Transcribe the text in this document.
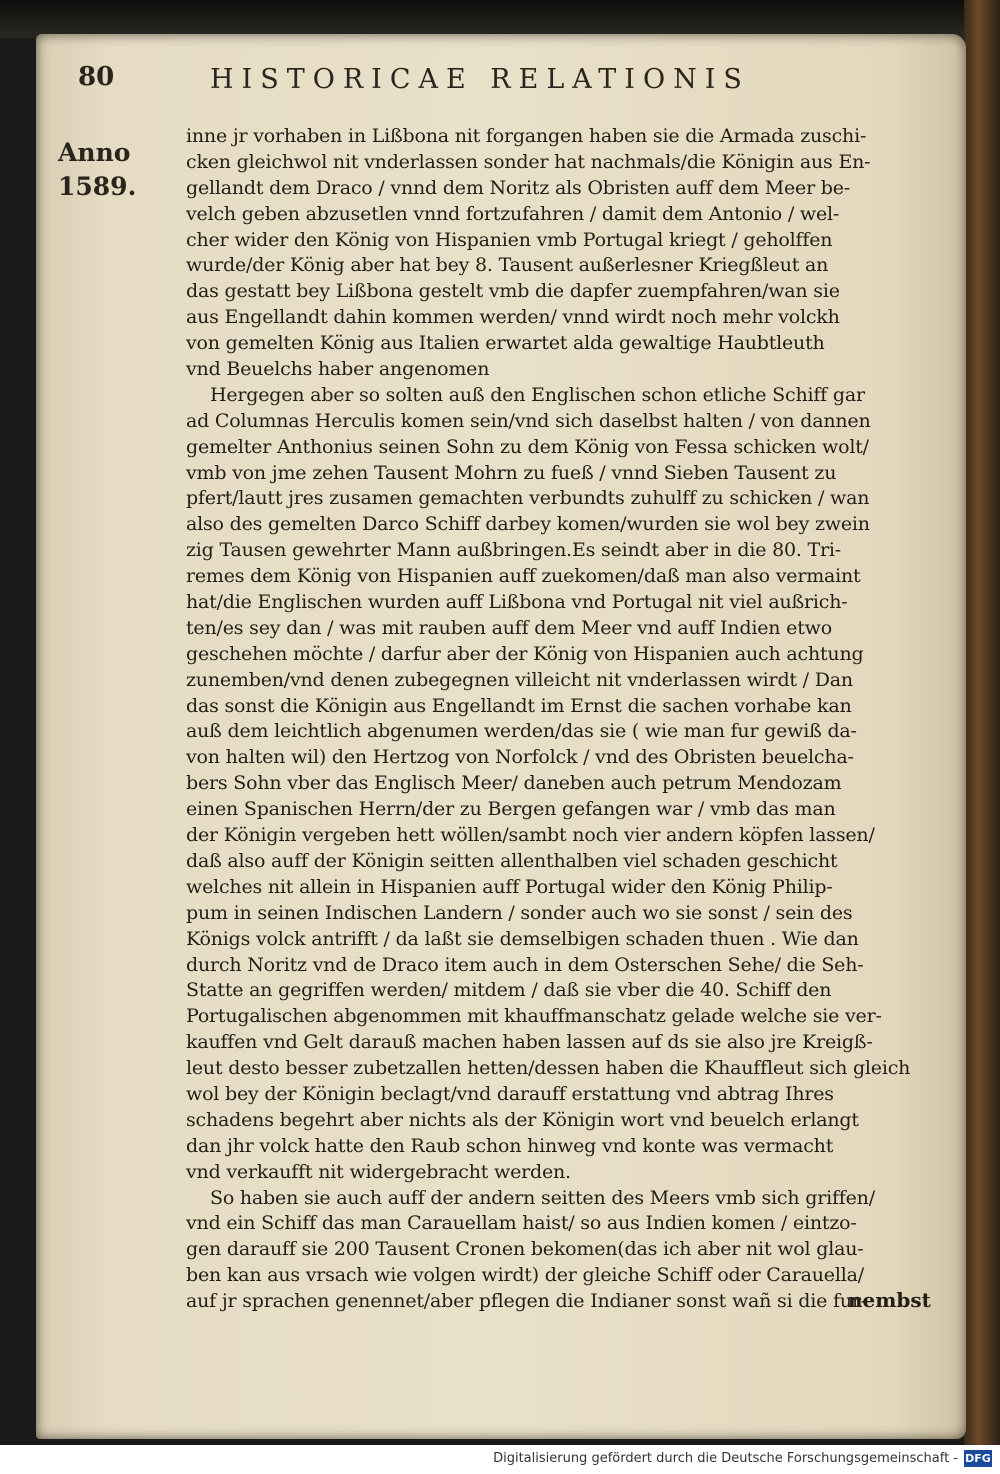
80	HISTORICAE RELATIONIS
Anno
1589.
inne jr vorhaben in Lißbona nit forgangen haben sie die Armada zuschi-
cken gleichwol nit vnderlassen sonder hat nachmals/die Königin aus En-
gellandt dem Draco / vnnd dem Noritz als Obristen auff dem Meer be-
velch geben abzusetlen vnnd fortzufahren / damit dem Antonio / wel-
cher wider den König von Hispanien vmb Portugal kriegt / geholffen
wurde/der König aber hat bey 8. Tausent außerlesner Kriegßleut an
das gestatt bey Lißbona gestelt vmb die dapfer zuempfahren/wan sie
aus Engellandt dahin kommen werden/ vnnd wirdt noch mehr volckh
von gemelten König aus Italien erwartet alda gewaltige Haubtleuth
vnd Beuelchs haber angenomen
Hergegen aber so solten auß den Englischen schon etliche Schiff gar
ad Columnas Herculis komen sein/vnd sich daselbst halten / von dannen
gemelter Anthonius seinen Sohn zu dem König von Fessa schicken wolt/
vmb von jme zehen Tausent Mohrn zu fueß / vnnd Sieben Tausent zu
pfert/lautt jres zusamen gemachten verbundts zuhulff zu schicken / wan
also des gemelten Darco Schiff darbey komen/wurden sie wol bey zwein
zig Tausen gewehrter Mann außbringen.Es seindt aber in die 80. Tri-
remes dem König von Hispanien auff zuekomen/daß man also vermaint
hat/die Englischen wurden auff Lißbona vnd Portugal nit viel außrich-
ten/es sey dan / was mit rauben auff dem Meer vnd auff Indien etwo
geschehen möchte / darfur aber der König von Hispanien auch achtung
zunemben/vnd denen zubegegnen villeicht nit vnderlassen wirdt / Dan
das sonst die Königin aus Engellandt im Ernst die sachen vorhabe kan
auß dem leichtlich abgenumen werden/das sie ( wie man fur gewiß da-
von halten wil) den Hertzog von Norfolck / vnd des Obristen beuelcha-
bers Sohn vber das Englisch Meer/ daneben auch petrum Mendozam
einen Spanischen Herrn/der zu Bergen gefangen war / vmb das man
der Königin vergeben hett wöllen/sambt noch vier andern köpfen lassen/
daß also auff der Königin seitten allenthalben viel schaden geschicht
welches nit allein in Hispanien auff Portugal wider den König Philip-
pum in seinen Indischen Landern / sonder auch wo sie sonst / sein des
Königs volck antrifft / da laßt sie demselbigen schaden thuen . Wie dan
durch Noritz vnd de Draco item auch in dem Osterschen Sehe/ die Seh-
Statte an gegriffen werden/ mitdem / daß sie vber die 40. Schiff den
Portugalischen abgenommen mit khauffmanschatz gelade welche sie ver-
kauffen vnd Gelt darauß machen haben lassen auf ds sie also jre Kreigß-
leut desto besser zubetzallen hetten/dessen haben die Khauffleut sich gleich
wol bey der Königin beclagt/vnd darauff erstattung vnd abtrag Ihres
schadens begehrt aber nichts als der Königin wort vnd beuelch erlangt
dan jhr volck hatte den Raub schon hinweg vnd konte was vermacht
vnd verkaufft nit widergebracht werden.
So haben sie auch auff der andern seitten des Meers vmb sich griffen/
vnd ein Schiff das man Carauellam haist/ so aus Indien komen / eintzo-
gen darauff sie 200 Tausent Cronen bekomen(das ich aber nit wol glau-
ben kan aus vrsach wie volgen wirdt) der gleiche Schiff oder Carauella/
auf jr sprachen genennet/aber pflegen die Indianer sonst wañ si die fur-
nembst
Digitalisierung gefördert durch die Deutsche Forschungsgemeinschaft - DFG
